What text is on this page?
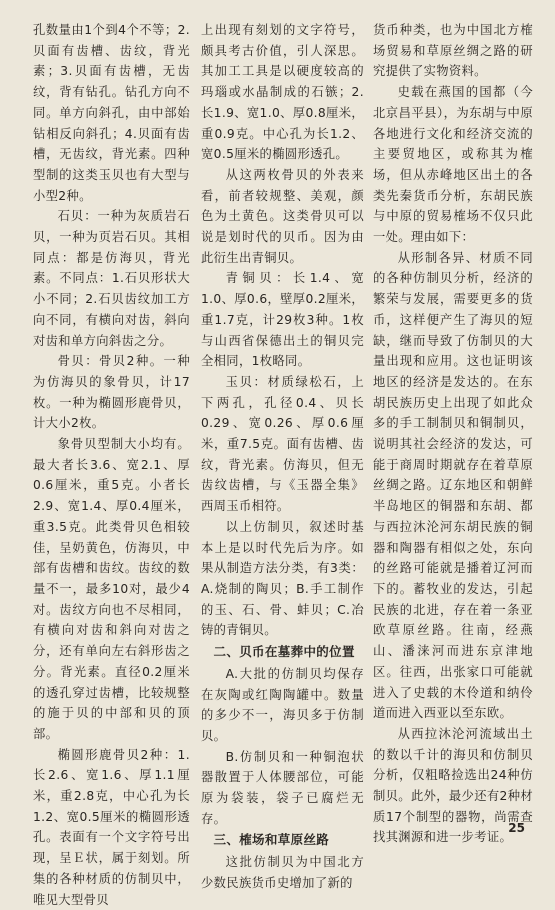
孔数量由1个到4个不等；2.贝面有齿槽、齿纹，背光素；3.贝面有齿槽，无齿纹，背有钻孔。钻孔方向不同。单方向斜孔，由中部始钻相反向斜孔；4.贝面有齿槽，无齿纹，背光素。四种型制的这类玉贝也有大型与小型2种。

石贝：一种为灰质岩石贝，一种为页岩石贝。其相同点：都是仿海贝，背光素。不同点：1.石贝形状大小不同；2.石贝齿纹加工方向不同，有横向对齿，斜向对齿和单方向斜齿之分。

骨贝：骨贝2种。一种为仿海贝的象骨贝，计17枚。一种为椭圆形鹿骨贝，计大小2枚。

象骨贝型制大小均有。最大者长3.6、宽2.1、厚0.6厘米，重5克。小者长2.9、宽1.4、厚0.4厘米，重3.5克。此类骨贝色相较佳，呈奶黄色，仿海贝，中部有齿槽和齿纹。齿纹的数量不一，最多10对，最少4对。齿纹方向也不尽相同，有横向对齿和斜向对齿之分，还有单向左右斜形齿之分。背光素。直径0.2厘米的透孔穿过齿槽，比较规整的施于贝的中部和贝的顶部。

椭圆形鹿骨贝2种：1.长2.6、宽1.6、厚1.1厘米，重2.8克，中心孔为长1.2、宽0.5厘米的椭圆形透孔。表面有一个文字符号出现，呈Ｅ状，属于刻划。所集的各种材质的仿制贝中，唯见大型骨贝

上出现有刻划的文字符号，颇具考古价值，引人深思。其加工工具是以硬度较高的玛瑙或水晶制成的石镞；2.长1.9、宽1.0、厚0.8厘米，重0.9克。中心孔为长1.2、宽0.5厘米的椭圆形透孔。

从这两枚骨贝的外表来看，前者较规整、美观，颜色为土黄色。这类骨贝可以说是划时代的贝币。因为由此衍生出青铜贝。

青铜贝：长1.4、宽1.0、厚0.6，壁厚0.2厘米，重1.7克，计29枚3种。1枚与山西省保德出土的铜贝完全相同，1枚略同。

玉贝：材质绿松石，上下两孔，孔径0.4、贝长0.29、宽0.26、厚0.6厘米，重7.5克。面有齿槽、齿纹，背光素。仿海贝，但无齿纹齿槽，与《玉器全集》西周玉币相符。

以上仿制贝，叙述时基本上是以时代先后为序。如果从制造方法分类，有3类：A.烧制的陶贝；B.手工制作的玉、石、骨、蚌贝；C.冶铸的青铜贝。

二、贝币在墓葬中的位置

A.大批的仿制贝均保存在灰陶或红陶陶罐中。数量的多少不一，海贝多于仿制贝。

B.仿制贝和一种铜泡状器散置于人体腰部位，可能原为袋装，袋子已腐烂无存。

三、榷场和草原丝路

这批仿制贝为中国北方少数民族货币史增加了新的

货币种类，也为中国北方榷场贸易和草原丝绸之路的研究提供了实物资料。

史载在燕国的国都（今北京昌平县），为东胡与中原各地进行文化和经济交流的主要贸地区，或称其为榷场，但从赤峰地区出土的各类先秦货币分析，东胡民族与中原的贸易榷场不仅只此一处。理由如下：

从形制各异、材质不同的各种仿制贝分析，经济的繁荣与发展，需要更多的货币，这样便产生了海贝的短缺，继而导致了仿制贝的大量出现和应用。这也证明该地区的经济是发达的。在东胡民族历史上出现了如此众多的手工制制贝和铜制贝，说明其社会经济的发达，可能于商周时期就存在着草原丝绸之路。辽东地区和朝鲜半岛地区的铜器和东胡、都与西拉沐沦河东胡民族的铜器和陶器有相似之处，东向的丝路可能就是播着辽河而下的。蓄牧业的发达，引起民族的北进，存在着一条亚欧草原丝路。往南，经燕山、潘涞河而进东京津地区。往西，出张家口可能就进入了史载的木伶道和纳伶道而进入西亚以至东欧。

从西拉沐沦河流域出土的数以千计的海贝和仿制贝分析，仅粗略捡选出24种仿制贝。此外，最少还有2种材质17个制型的器物，尚需查找其渊源和进一步考证。

25
